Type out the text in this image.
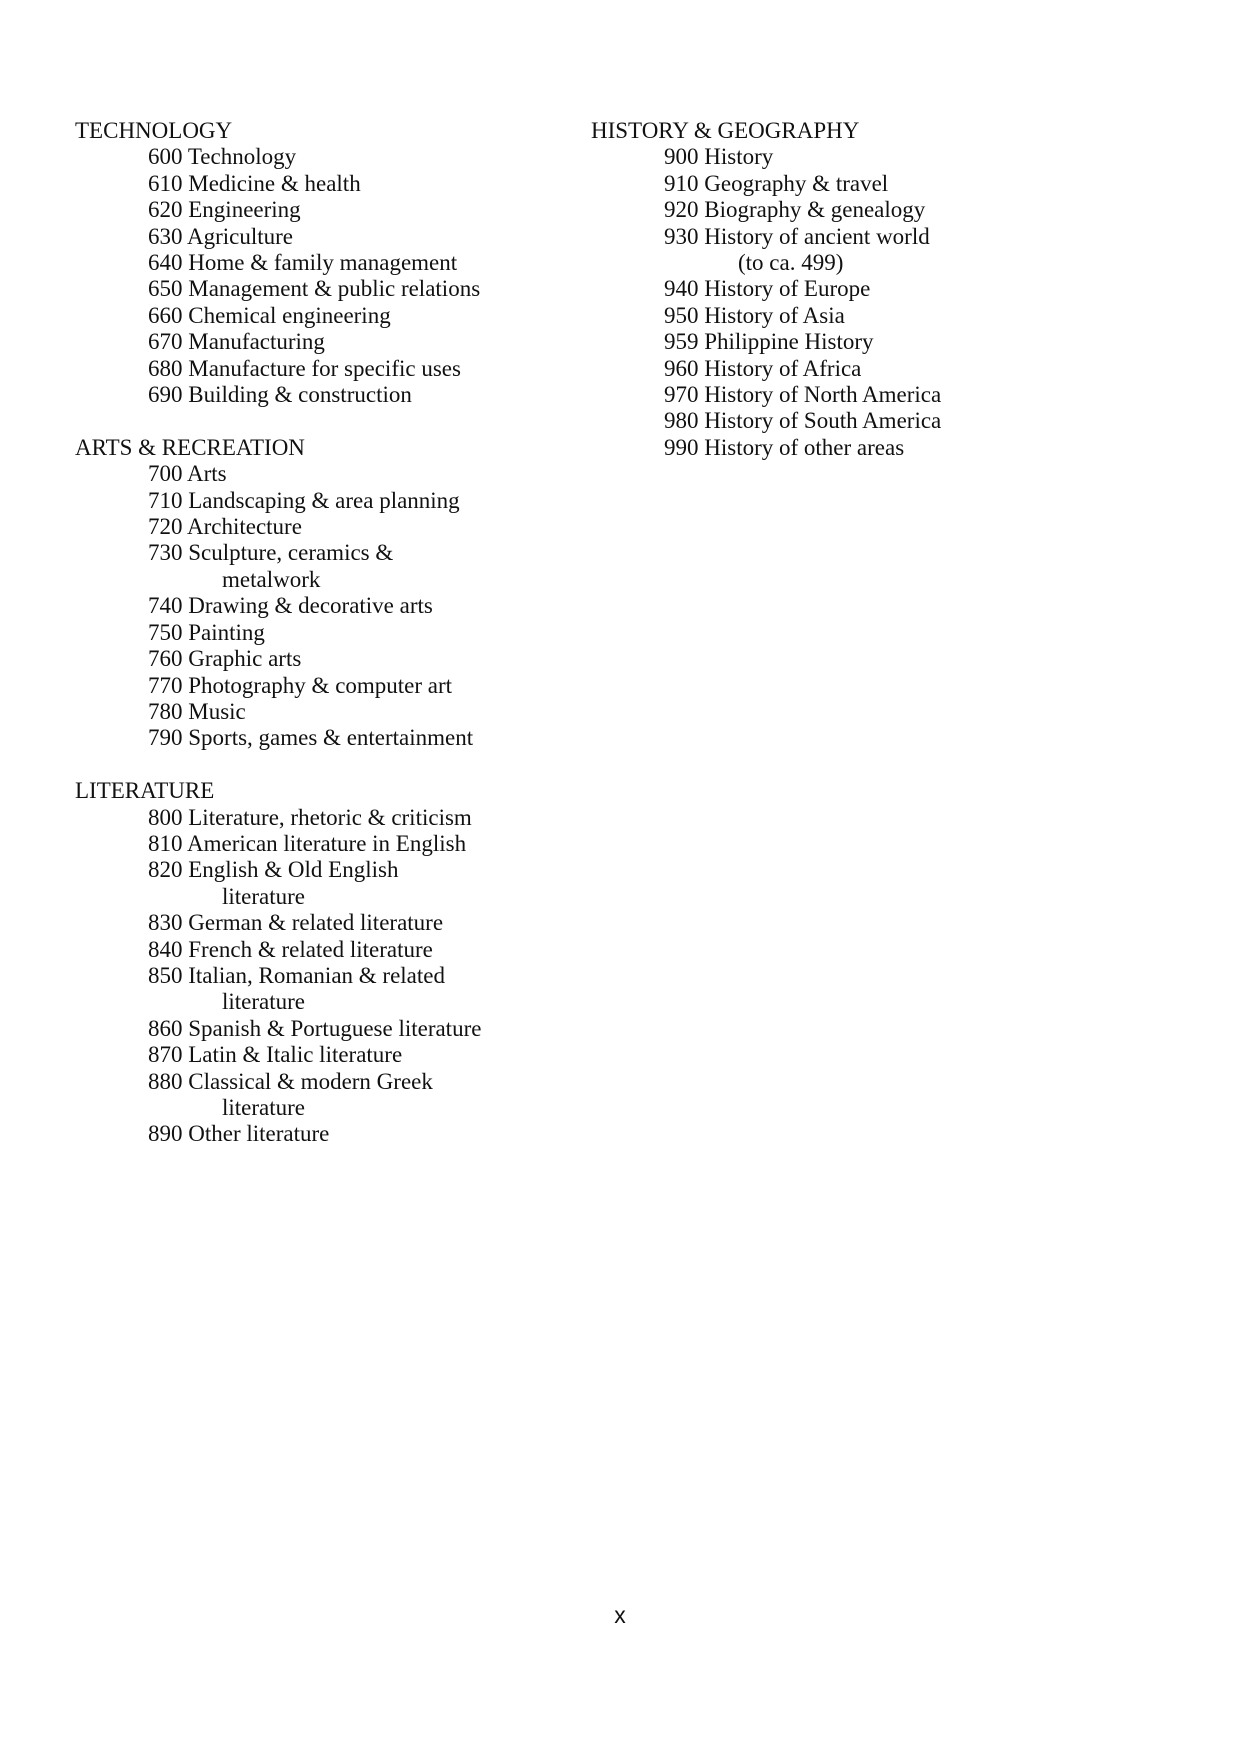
TECHNOLOGY
600 Technology
610 Medicine & health
620 Engineering
630 Agriculture
640 Home & family management
650 Management & public relations
660 Chemical engineering
670 Manufacturing
680 Manufacture for specific uses
690 Building & construction
ARTS & RECREATION
700 Arts
710 Landscaping & area planning
720 Architecture
730 Sculpture, ceramics &
metalwork
740 Drawing & decorative arts
750 Painting
760 Graphic arts
770 Photography & computer art
780 Music
790 Sports, games & entertainment
LITERATURE
800 Literature, rhetoric & criticism
810 American literature in English
820 English & Old English
literature
830 German & related literature
840 French & related literature
850 Italian, Romanian & related
literature
860 Spanish & Portuguese literature
870 Latin & Italic literature
880 Classical & modern Greek
literature
890 Other literature
HISTORY & GEOGRAPHY
900 History
910 Geography & travel
920 Biography & genealogy
930 History of ancient world
(to ca. 499)
940 History of Europe
950 History of Asia
959 Philippine History
960 History of Africa
970 History of North America
980 History of South America
990 History of other areas
x
